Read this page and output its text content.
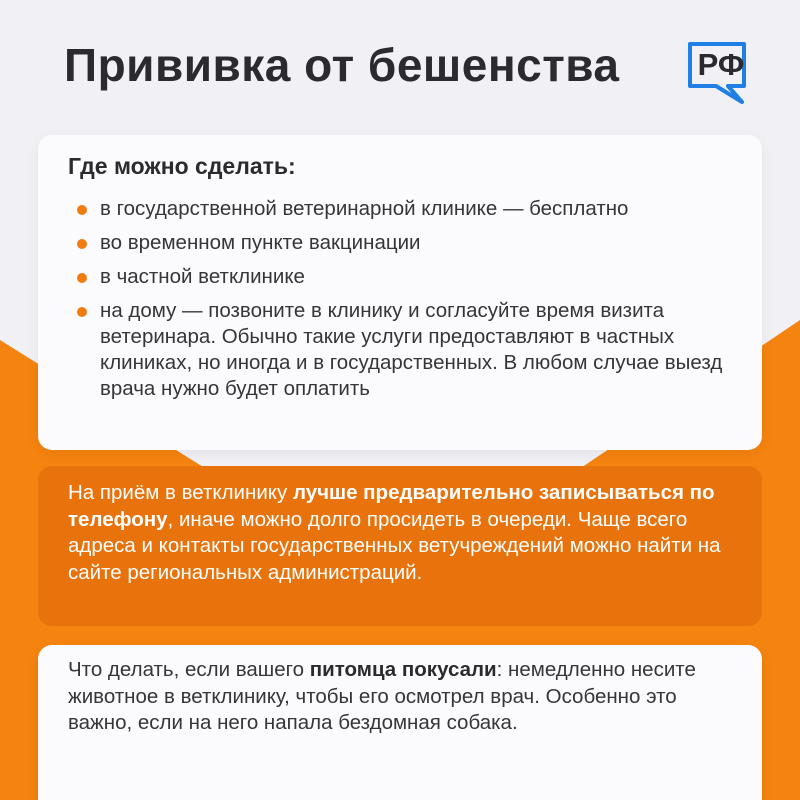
Прививка от бешенства	РФ
Где можно сделать:
в государственной ветеринарной клинике — бесплатно
во временном пункте вакцинации
в частной ветклинике
на дому — позвоните в клинику и согласуйте время визита ветеринара. Обычно такие услуги предоставляют в частных клиниках, но иногда и в государственных. В любом случае выезд врача нужно будет оплатить
На приём в ветклинику лучше предварительно записываться по телефону, иначе можно долго просидеть в очереди. Чаще всего адреса и контакты государственных ветучреждений можно найти на сайте региональных администраций.
Что делать, если вашего питомца покусали: немедленно несите животное в ветклинику, чтобы его осмотрел врач. Особенно это важно, если на него напала бездомная собака.
